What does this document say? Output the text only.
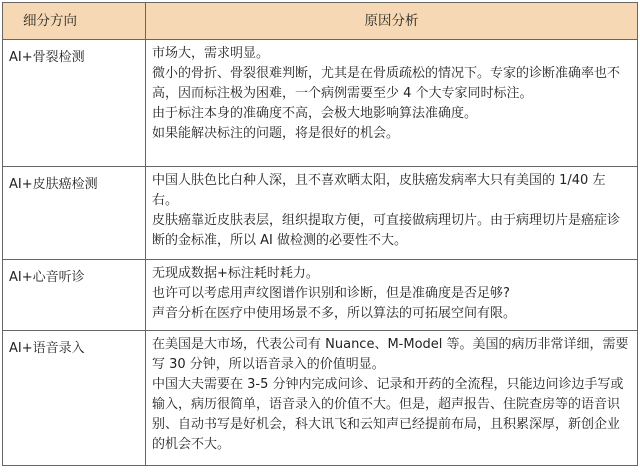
细分方向	原因分析
AI+骨裂检测	市场大，需求明显。

微小的骨折、骨裂很难判断，尤其是在骨质疏松的情况下。专家的诊断准确率也不高，因而标注极为困难，一个病例需要至少 4 个大专家同时标注。

由于标注本身的准确度不高，会极大地影响算法准确度。

如果能解决标注的问题，将是很好的机会。

AI+皮肤癌检测	中国人肤色比白种人深，且不喜欢晒太阳，皮肤癌发病率大只有美国的 1/40 左右。

皮肤癌靠近皮肤表层，组织提取方便，可直接做病理切片。由于病理切片是癌症诊断的金标准，所以 AI 做检测的必要性不大。

AI+心音听诊	无现成数据+标注耗时耗力。

也许可以考虑用声纹图谱作识别和诊断，但是准确度是否足够?

声音分析在医疗中使用场景不多，所以算法的可拓展空间有限。

AI+语音录入	在美国是大市场，代表公司有 Nuance、M-Model 等。美国的病历非常详细，需要写 30 分钟，所以语音录入的价值明显。

中国大夫需要在 3-5 分钟内完成问诊、记录和开药的全流程，只能边问诊边手写或输入，病历很简单，语音录入的价值不大。但是，超声报告、住院查房等的语音识别、自动书写是好机会，科大讯飞和云知声已经提前布局，且积累深厚，新创企业的机会不大。
